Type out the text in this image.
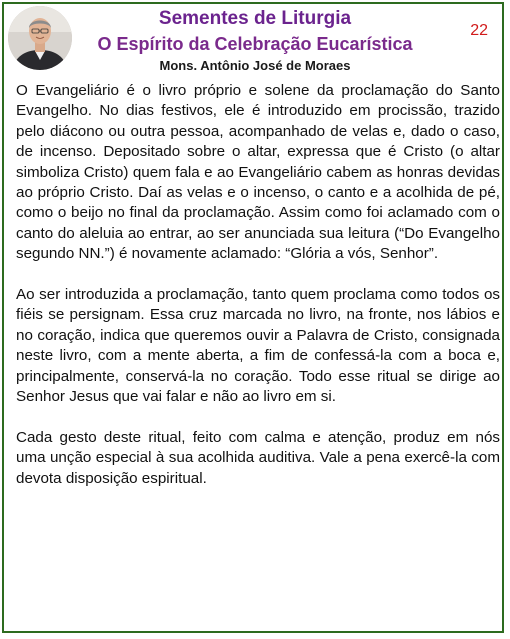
Sementes de Liturgia
O Espírito da Celebração Eucarística
Mons. Antônio José de Moraes
22

O Evangeliário é o livro próprio e solene da proclamação do Santo Evangelho. No dias festivos, ele é introduzido em procissão, trazido pelo diácono ou outra pessoa, acompanhado de velas e, dado o caso, de incenso. Depositado sobre o altar, expressa que é Cristo (o altar simboliza Cristo) quem fala e ao Evangeliário cabem as honras devidas ao próprio Cristo. Daí as velas e o incenso, o canto e a acolhida de pé, como o beijo no final da proclamação. Assim como foi aclamado com o canto do aleluia ao entrar, ao ser anunciada sua leitura (“Do Evangelho segundo NN.”) é novamente aclamado: “Glória a vós, Senhor”.

Ao ser introduzida a proclamação, tanto quem proclama como todos os fiéis se persignam. Essa cruz marcada no livro, na fronte, nos lábios e no coração, indica que queremos ouvir a Palavra de Cristo, consignada neste livro, com a mente aberta, a fim de confessá-la com a boca e, principalmente, conservá-la no coração. Todo esse ritual se dirige ao Senhor Jesus que vai falar e não ao livro em si.

Cada gesto deste ritual, feito com calma e atenção, produz em nós uma unção especial à sua acolhida auditiva. Vale a pena exercê-la com devota disposição espiritual.
